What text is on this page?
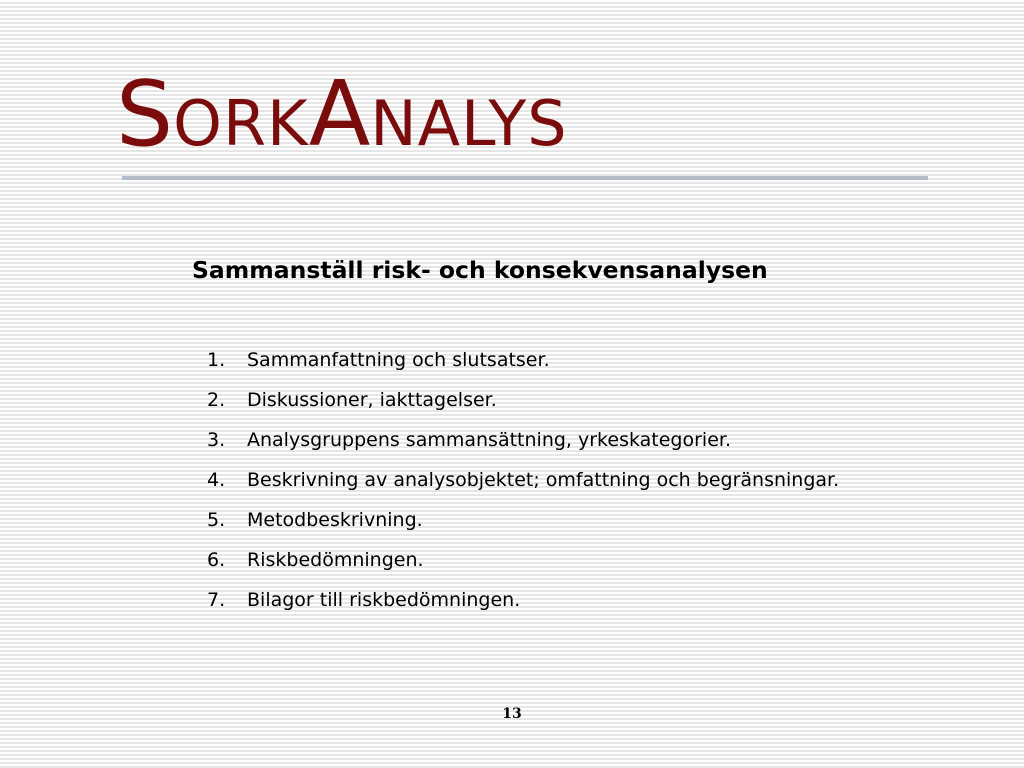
SORKANALYS
Sammanställ risk- och konsekvensanalysen
1.	Sammanfattning och slutsatser.
2.	Diskussioner, iakttagelser.
3.	Analysgruppens sammansättning, yrkeskategorier.
4.	Beskrivning av analysobjektet; omfattning och begränsningar.
5.	Metodbeskrivning.
6.	Riskbedömningen.
7.	Bilagor till riskbedömningen.
13
